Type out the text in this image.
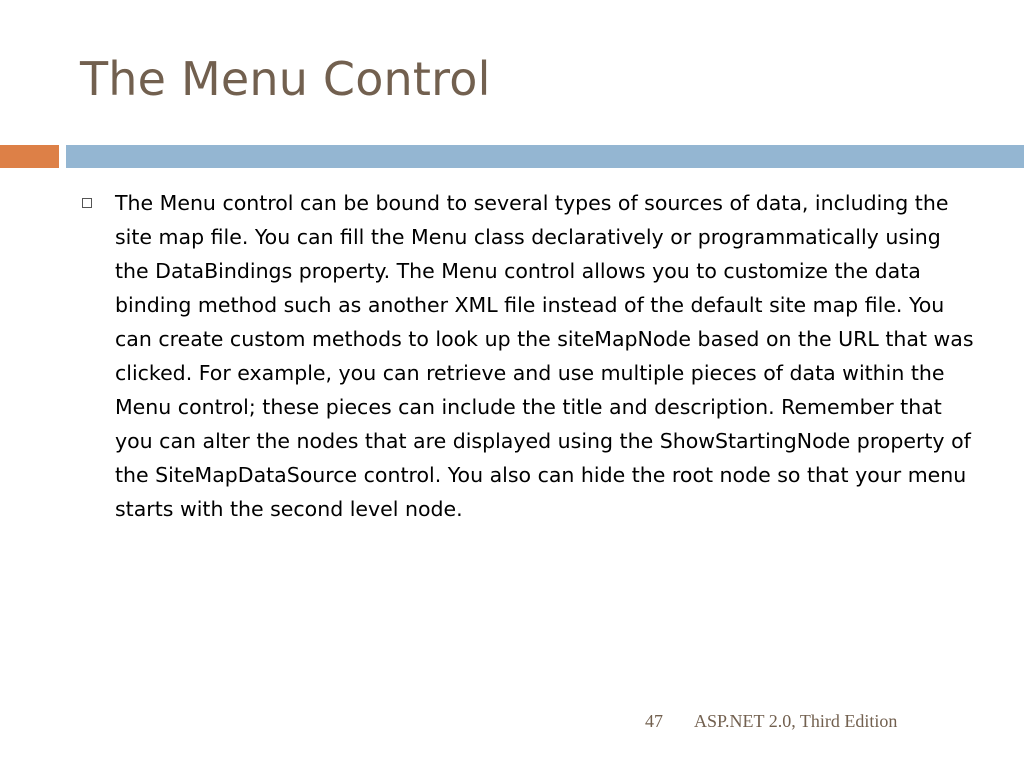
The Menu Control
The Menu control can be bound to several types of sources of data, including the site map file. You can fill the Menu class declaratively or programmatically using the DataBindings property. The Menu control allows you to customize the data binding method such as another XML file instead of the default site map file. You can create custom methods to look up the siteMapNode based on the URL that was clicked. For example, you can retrieve and use multiple pieces of data within the Menu control; these pieces can include the title and description. Remember that you can alter the nodes that are displayed using the ShowStartingNode property of the SiteMapDataSource control. You also can hide the root node so that your menu starts with the second level node.
47 ASP.NET 2.0, Third Edition
